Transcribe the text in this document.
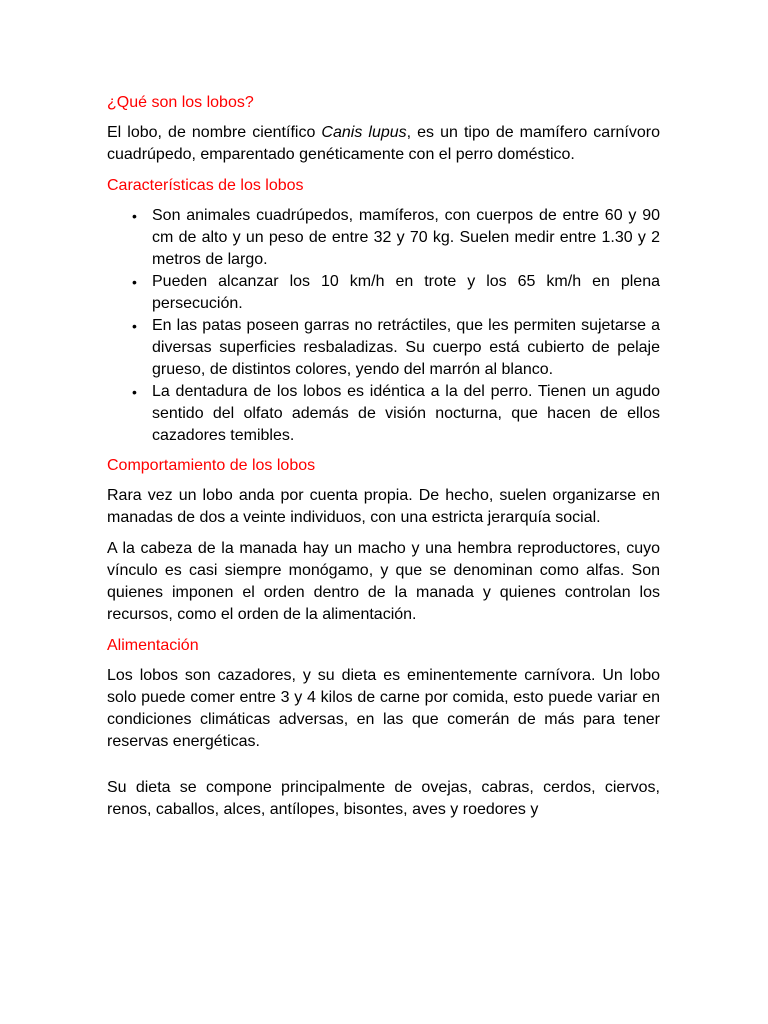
¿Qué son los lobos?

El lobo, de nombre científico Canis lupus, es un tipo de mamífero carnívoro cuadrúpedo, emparentado genéticamente con el perro doméstico.

Características de los lobos
• Son animales cuadrúpedos, mamíferos, con cuerpos de entre 60 y 90 cm de alto y un peso de entre 32 y 70 kg. Suelen medir entre 1.30 y 2 metros de largo.
• Pueden alcanzar los 10 km/h en trote y los 65 km/h en plena persecución.
• En las patas poseen garras no retráctiles, que les permiten sujetarse a diversas superficies resbaladizas. Su cuerpo está cubierto de pelaje grueso, de distintos colores, yendo del marrón al blanco.
• La dentadura de los lobos es idéntica a la del perro. Tienen un agudo sentido del olfato además de visión nocturna, que hacen de ellos cazadores temibles.
Comportamiento de los lobos

Rara vez un lobo anda por cuenta propia. De hecho, suelen organizarse en manadas de dos a veinte individuos, con una estricta jerarquía social.

A la cabeza de la manada hay un macho y una hembra reproductores, cuyo vínculo es casi siempre monógamo, y que se denominan como alfas. Son quienes imponen el orden dentro de la manada y quienes controlan los recursos, como el orden de la alimentación.

Alimentación

Los lobos son cazadores, y su dieta es eminentemente carnívora. Un lobo solo puede comer entre 3 y 4 kilos de carne por comida, esto puede variar en condiciones climáticas adversas, en las que comerán de más para tener reservas energéticas.

Su dieta se compone principalmente de ovejas, cabras, cerdos, ciervos, renos, caballos, alces, antílopes, bisontes, aves y roedores y
